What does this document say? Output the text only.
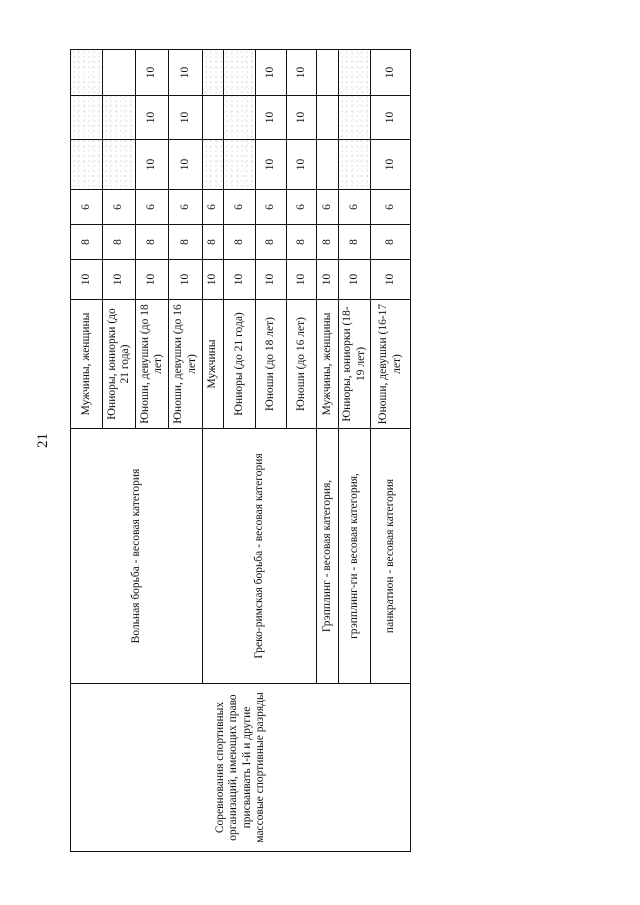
21
Соревнования спортивных организаций, имеющих право присваивать I-й и другие массовые спортивные разряды	Вольная борьба - весовая категория	Мужчины, женщины	10	8	6			
		Юниоры, юниорки (до 21 года)	10	8	6			
		Юноши, девушки (до 18 лет)	10	8	6	10	10	10
		Юноши, девушки (до 16 лет)	10	8	6	10	10	10
	Греко-римская борьба - весовая категория	Мужчины	10	8	6			
		Юниоры (до 21 года)	10	8	6			
		Юноши (до 18 лет)	10	8	6	10	10	10
		Юноши (до 16 лет)	10	8	6	10	10	10
	Грэпплинг - весовая категория,	Мужчины, женщины	10	8	6			
	грэпплинг-ги - весовая категория,	Юниоры, юниорки (18-19 лет)	10	8	6			
	панкратион - весовая категория	Юноши, девушки (16-17 лет)	10	8	6	10	10	10
